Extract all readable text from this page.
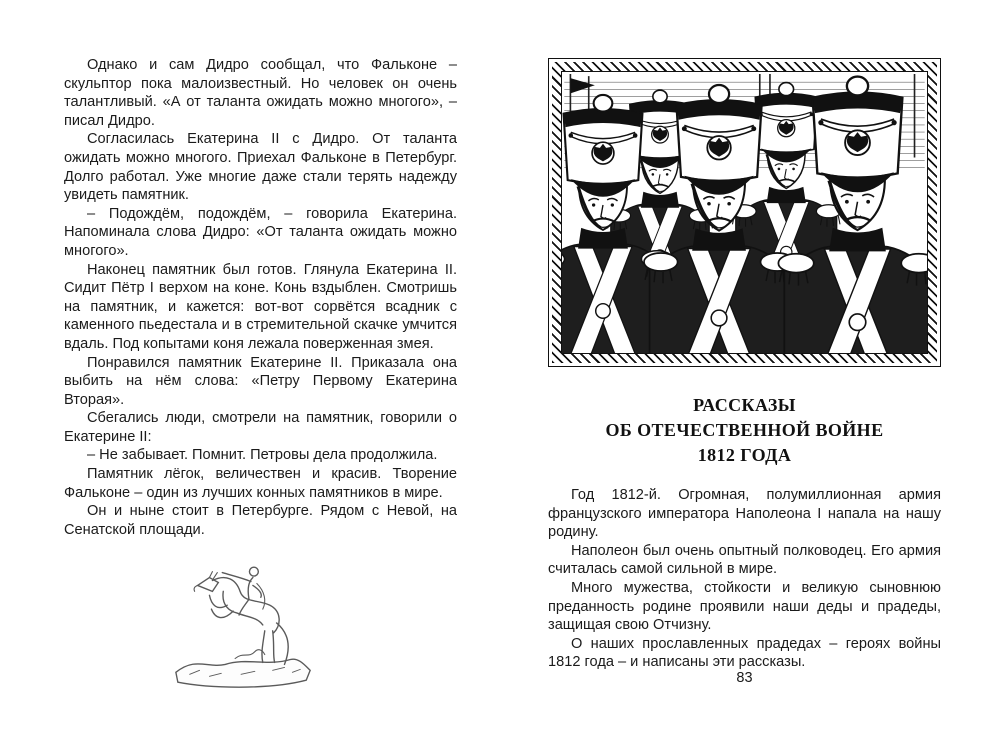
Однако и сам Дидро сообщал, что Фальконе – скульптор пока малоизвестный. Но человек он очень талантливый. «А от таланта ожидать можно многого», – писал Дидро.

Согласилась Екатерина II с Дидро. От таланта ожидать можно многого. Приехал Фальконе в Петербург. Долго работал. Уже многие даже стали терять надежду увидеть памятник.

– Подождём, подождём, – говорила Екатерина. Напоминала слова Дидро: «От таланта ожидать можно многого».

Наконец памятник был готов. Глянула Екатерина II. Сидит Пётр I верхом на коне. Конь вздыблен. Смотришь на памятник, и кажется: вот-вот сорвётся всадник с каменного пьедестала и в стремительной скачке умчится вдаль. Под копытами коня лежала поверженная змея.

Понравился памятник Екатерине II. Приказала она выбить на нём слова: «Петру Первому Екатерина Вторая».

Сбегались люди, смотрели на памятник, говорили о Екатерине II:

– Не забывает. Помнит. Петровы дела продолжила.

Памятник лёгок, величествен и красив. Творение Фальконе – один из лучших конных памятников в мире.

Он и ныне стоит в Петербурге. Рядом с Невой, на Сенатской площади.

РАССКАЗЫ
ОБ ОТЕЧЕСТВЕННОЙ ВОЙНЕ
1812 ГОДА

Год 1812-й. Огромная, полумиллионная армия французского императора Наполеона I напала на нашу родину.

Наполеон был очень опытный полководец. Его армия считалась самой сильной в мире.

Много мужества, стойкости и великую сыновнюю преданность родине проявили наши деды и прадеды, защищая свою Отчизну.

О наших прославленных прадедах – героях войны 1812 года – и написаны эти рассказы.

83
